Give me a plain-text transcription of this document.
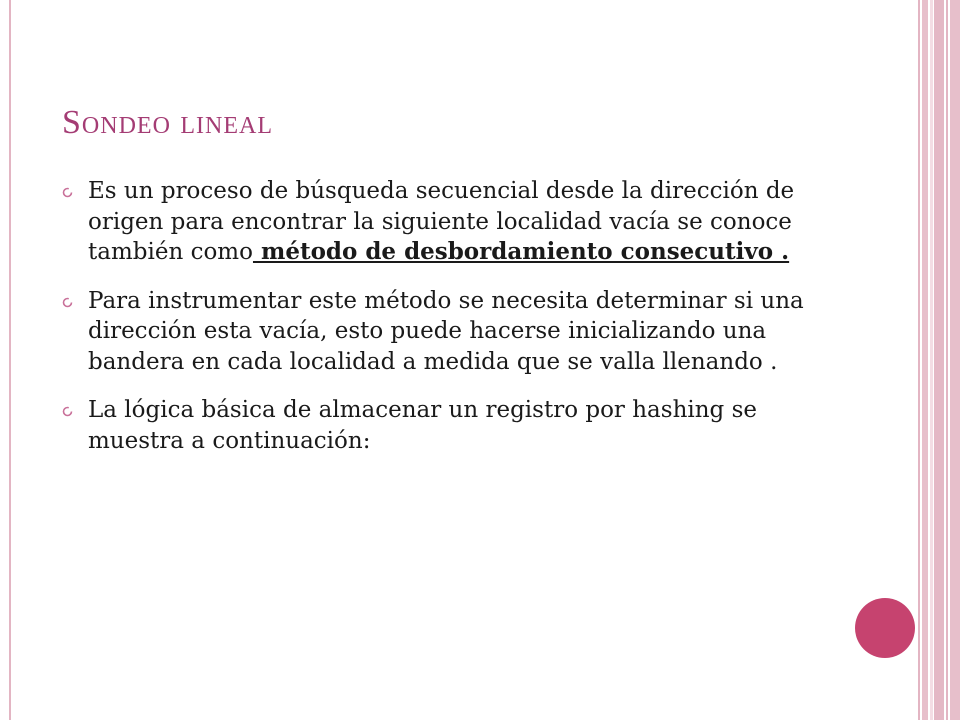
Sondeo lineal
Es un proceso de búsqueda secuencial desde la dirección de origen para encontrar la siguiente localidad vacía se conoce también como método de desbordamiento consecutivo .
Para instrumentar este método se necesita determinar si una dirección esta vacía, esto puede hacerse inicializando una bandera en cada localidad a medida que se valla llenando .
La lógica básica de almacenar un registro por hashing se muestra a continuación:
